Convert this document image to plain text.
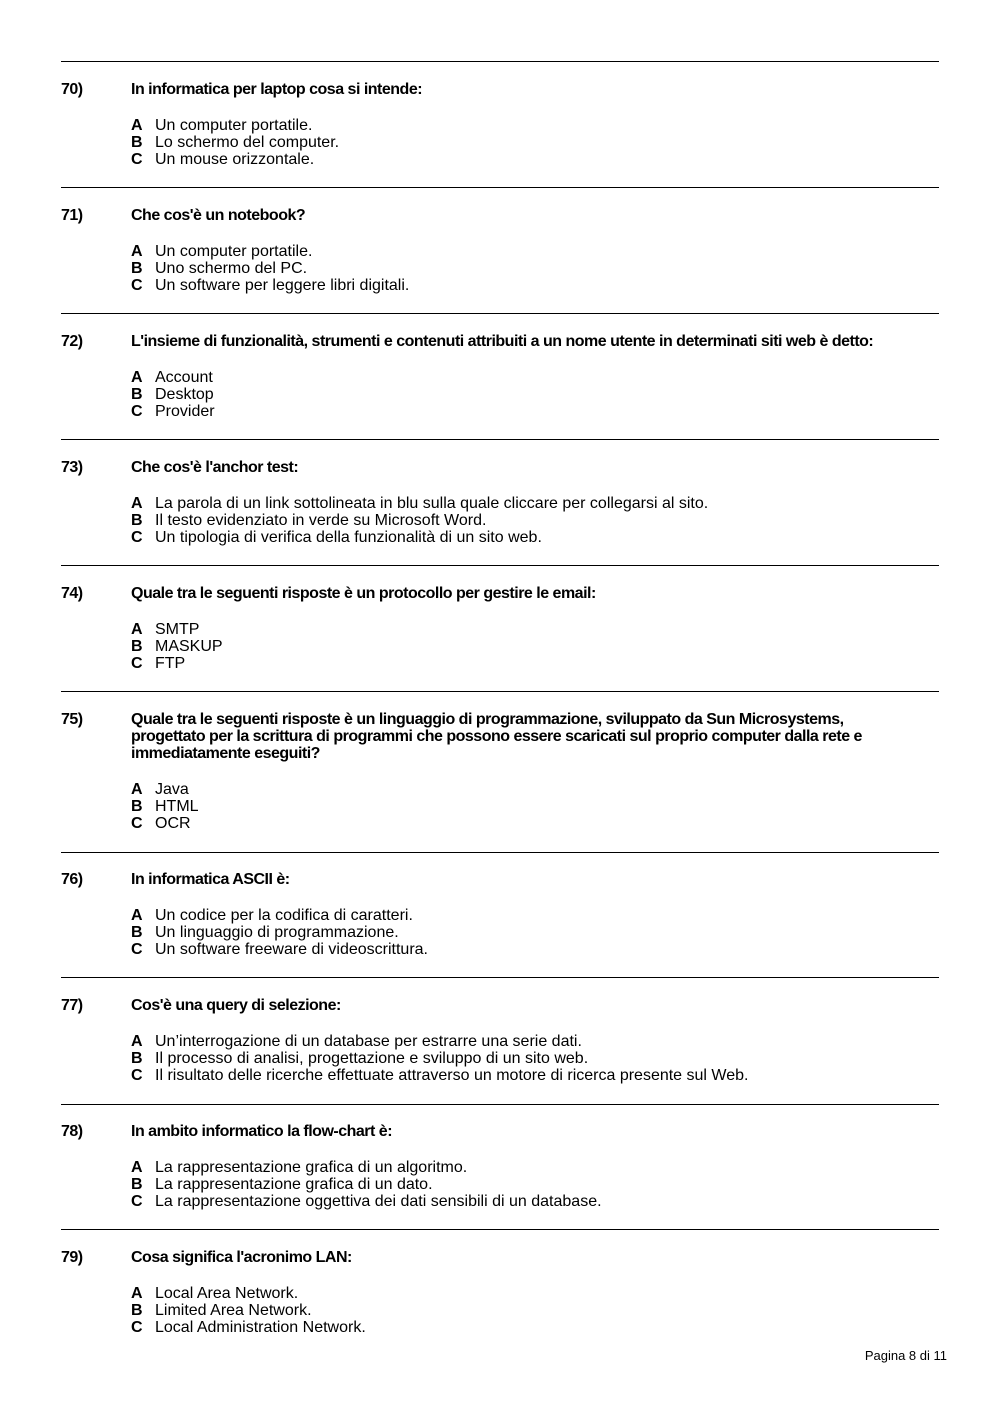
70)	In informatica per laptop cosa si intende:
A Un computer portatile.
B Lo schermo del computer.
C Un mouse orizzontale.
71)	Che cos'è un notebook?
A Un computer portatile.
B Uno schermo del PC.
C Un software per leggere libri digitali.
72)	L'insieme di funzionalità, strumenti e contenuti attribuiti a un nome utente in determinati siti web è detto:
A Account
B Desktop
C Provider
73)	Che cos'è l'anchor test:
A La parola di un link sottolineata in blu sulla quale cliccare per collegarsi al sito.
B Il testo evidenziato in verde su Microsoft Word.
C Un tipologia di verifica della funzionalità di un sito web.
74)	Quale tra le seguenti risposte è un protocollo per gestire le email:
A SMTP
B MASKUP
C FTP
75)	Quale tra le seguenti risposte è un linguaggio di programmazione, sviluppato da Sun Microsystems, progettato per la scrittura di programmi che possono essere scaricati sul proprio computer dalla rete e immediatamente eseguiti?
A Java
B HTML
C OCR
76)	In informatica ASCII è:
A Un codice per la codifica di caratteri.
B Un linguaggio di programmazione.
C Un software freeware di videoscrittura.
77)	Cos'è una query di selezione:
A Un’interrogazione di un database per estrarre una serie dati.
B Il processo di analisi, progettazione e sviluppo di un sito web.
C Il risultato delle ricerche effettuate attraverso un motore di ricerca presente sul Web.
78)	In ambito informatico la flow-chart è:
A La rappresentazione grafica di un algoritmo.
B La rappresentazione grafica di un dato.
C La rappresentazione oggettiva dei dati sensibili di un database.
79)	Cosa significa l'acronimo LAN:
A Local Area Network.
B Limited Area Network.
C Local Administration Network.
Pagina 8 di 11
